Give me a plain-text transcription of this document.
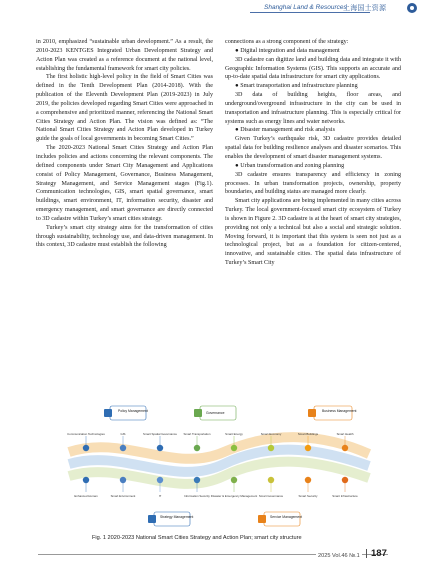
Shanghai Land & Resources
上海国土资源

in 2010, emphasized “sustainable urban development.” As a result, the 2010-2023 KENTGES Integrated Urban Development Strategy and Action Plan was created as a reference document at the national level, establishing the fundamental framework for smart city policies.

The first holistic high-level policy in the field of Smart Cities was defined in the Tenth Development Plan (2014-2018). With the publication of the Eleventh Development Plan (2019-2023) in July 2019, the policies developed regarding Smart Cities were approached in a comprehensive and prioritized manner, referencing the National Smart Cities Strategy and Action Plan. The vision was defined as: “The National Smart Cities Strategy and Action Plan developed in Turkey guide the goals of local governments in becoming Smart Cities.”

The 2020-2023 National Smart Cities Strategy and Action Plan includes policies and actions concerning the relevant components. The defined components under Smart City Management and Applications consist of Policy Management, Governance, Business Management, Strategy Management, and Service Management stages (Fig.1). Communication technologies, GIS, smart spatial governance, smart buildings, smart environment, IT, information security, disaster and emergency management, and smart governance are directly connected to 3D cadastre within Turkey’s smart cities strategy.

Turkey’s smart city strategy aims for the transformation of cities through sustainability, technology use, and data-driven management. In this context, 3D cadastre must establish the following

connections as a strong component of the strategy:

● Digital integration and data management

3D cadastre can digitize land and building data and integrate it with Geographic Information Systems (GIS). This supports an accurate and up-to-date spatial data infrastructure for smart city applications.

● Smart transportation and infrastructure planning

3D data of building heights, floor areas, and underground/overground infrastructure in the city can be used in transportation and infrastructure planning. This is especially critical for systems such as energy lines and water networks.

● Disaster management and risk analysis

Given Turkey’s earthquake risk, 3D cadastre provides detailed spatial data for building resilience analyses and disaster scenarios. This enables the development of smart disaster management systems.

● Urban transformation and zoning planning

3D cadastre ensures transparency and efficiency in zoning processes. In urban transformation projects, ownership, property boundaries, and building status are managed more clearly.

Smart city applications are being implemented in many cities across Turkey. The local government-focused smart city ecosystem of Turkey is shown in Figure 2. 3D cadastre is at the heart of smart city strategies, providing not only a technical but also a social and strategic solution. Moving forward, it is important that this system is seen not just as a technological project, but as a foundation for citizen-centered, innovative, and sustainable cities. The spatial data infrastructure of Turkey’s Smart City

Policy Management	Governance	Business Management
Strategy Management	Service Management
Communication Technologies	GIS	Smart Spatial Governance Smart Transportation	Smart Energy	Smart Economy	Smart Buildings	Smart Health
Enhanced Human	Smart Environment	IT	Information Security Disaster & Emergency Management Smart Governance	Smart Security	Smart Infrastructure
Fig. 1 2020-2023 National Smart Cities Strategy and Action Plan; smart city structure
2025 Vol.46 №.1 187
